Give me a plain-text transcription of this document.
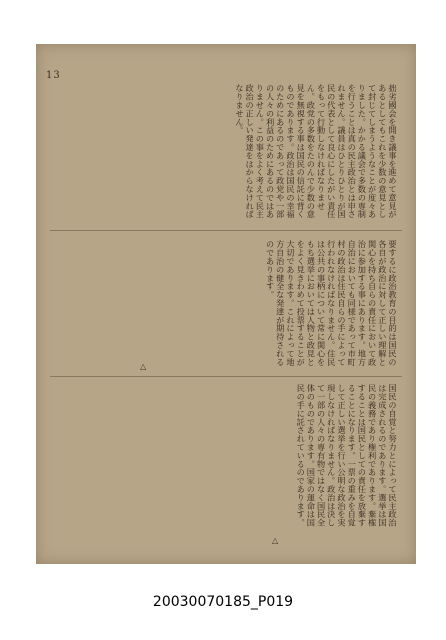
13
拙劣國会を開き議事を進めて意見があるとしてもこれを少数の意見として封じてしまうようなことが度々ありました。かかる議会で多数の専制を行うことは真の民主政治とは申されません。議員はひとりひとりが国民の代表として良心にしたがい責任をもって行動しなければなりません。政党の多数をたのんで少数の意見を無視する事は国民の信託に背くものであります。政治は国民の幸福のためにあるのであって政党や一部の人々の利益のためにあるのではありません。この事をよく考えて民主政治の正しい発達をはからなければなりません。
要するに政治教育の目的は国民の各自が政治に対して正しい理解と関心を持ち自らの責任において政治に参加する事にあります。地方自治においても同様であって市町村の政治は住民自らの手によって行われなければなりません。住民は公共の事柄について常に関心をもち選挙においては人物と政見とをよく見きわめて投票することが大切であります。これによって地方自治の健全な発達が期待されるのであります。
△
国民の自覚と努力とによって民主政治は完成されるのであります。選挙は国民の義務であり権利であります。棄権することは国民としての責任を放棄することになります。一票の重みを自覚して正しい選挙を行い公明な政治を実現しなければなりません。政治は決して一部の人々の専有物ではなく国民全体のものであります。国家の運命は国民の手に託されているのであります。
△
20030070185_P019
